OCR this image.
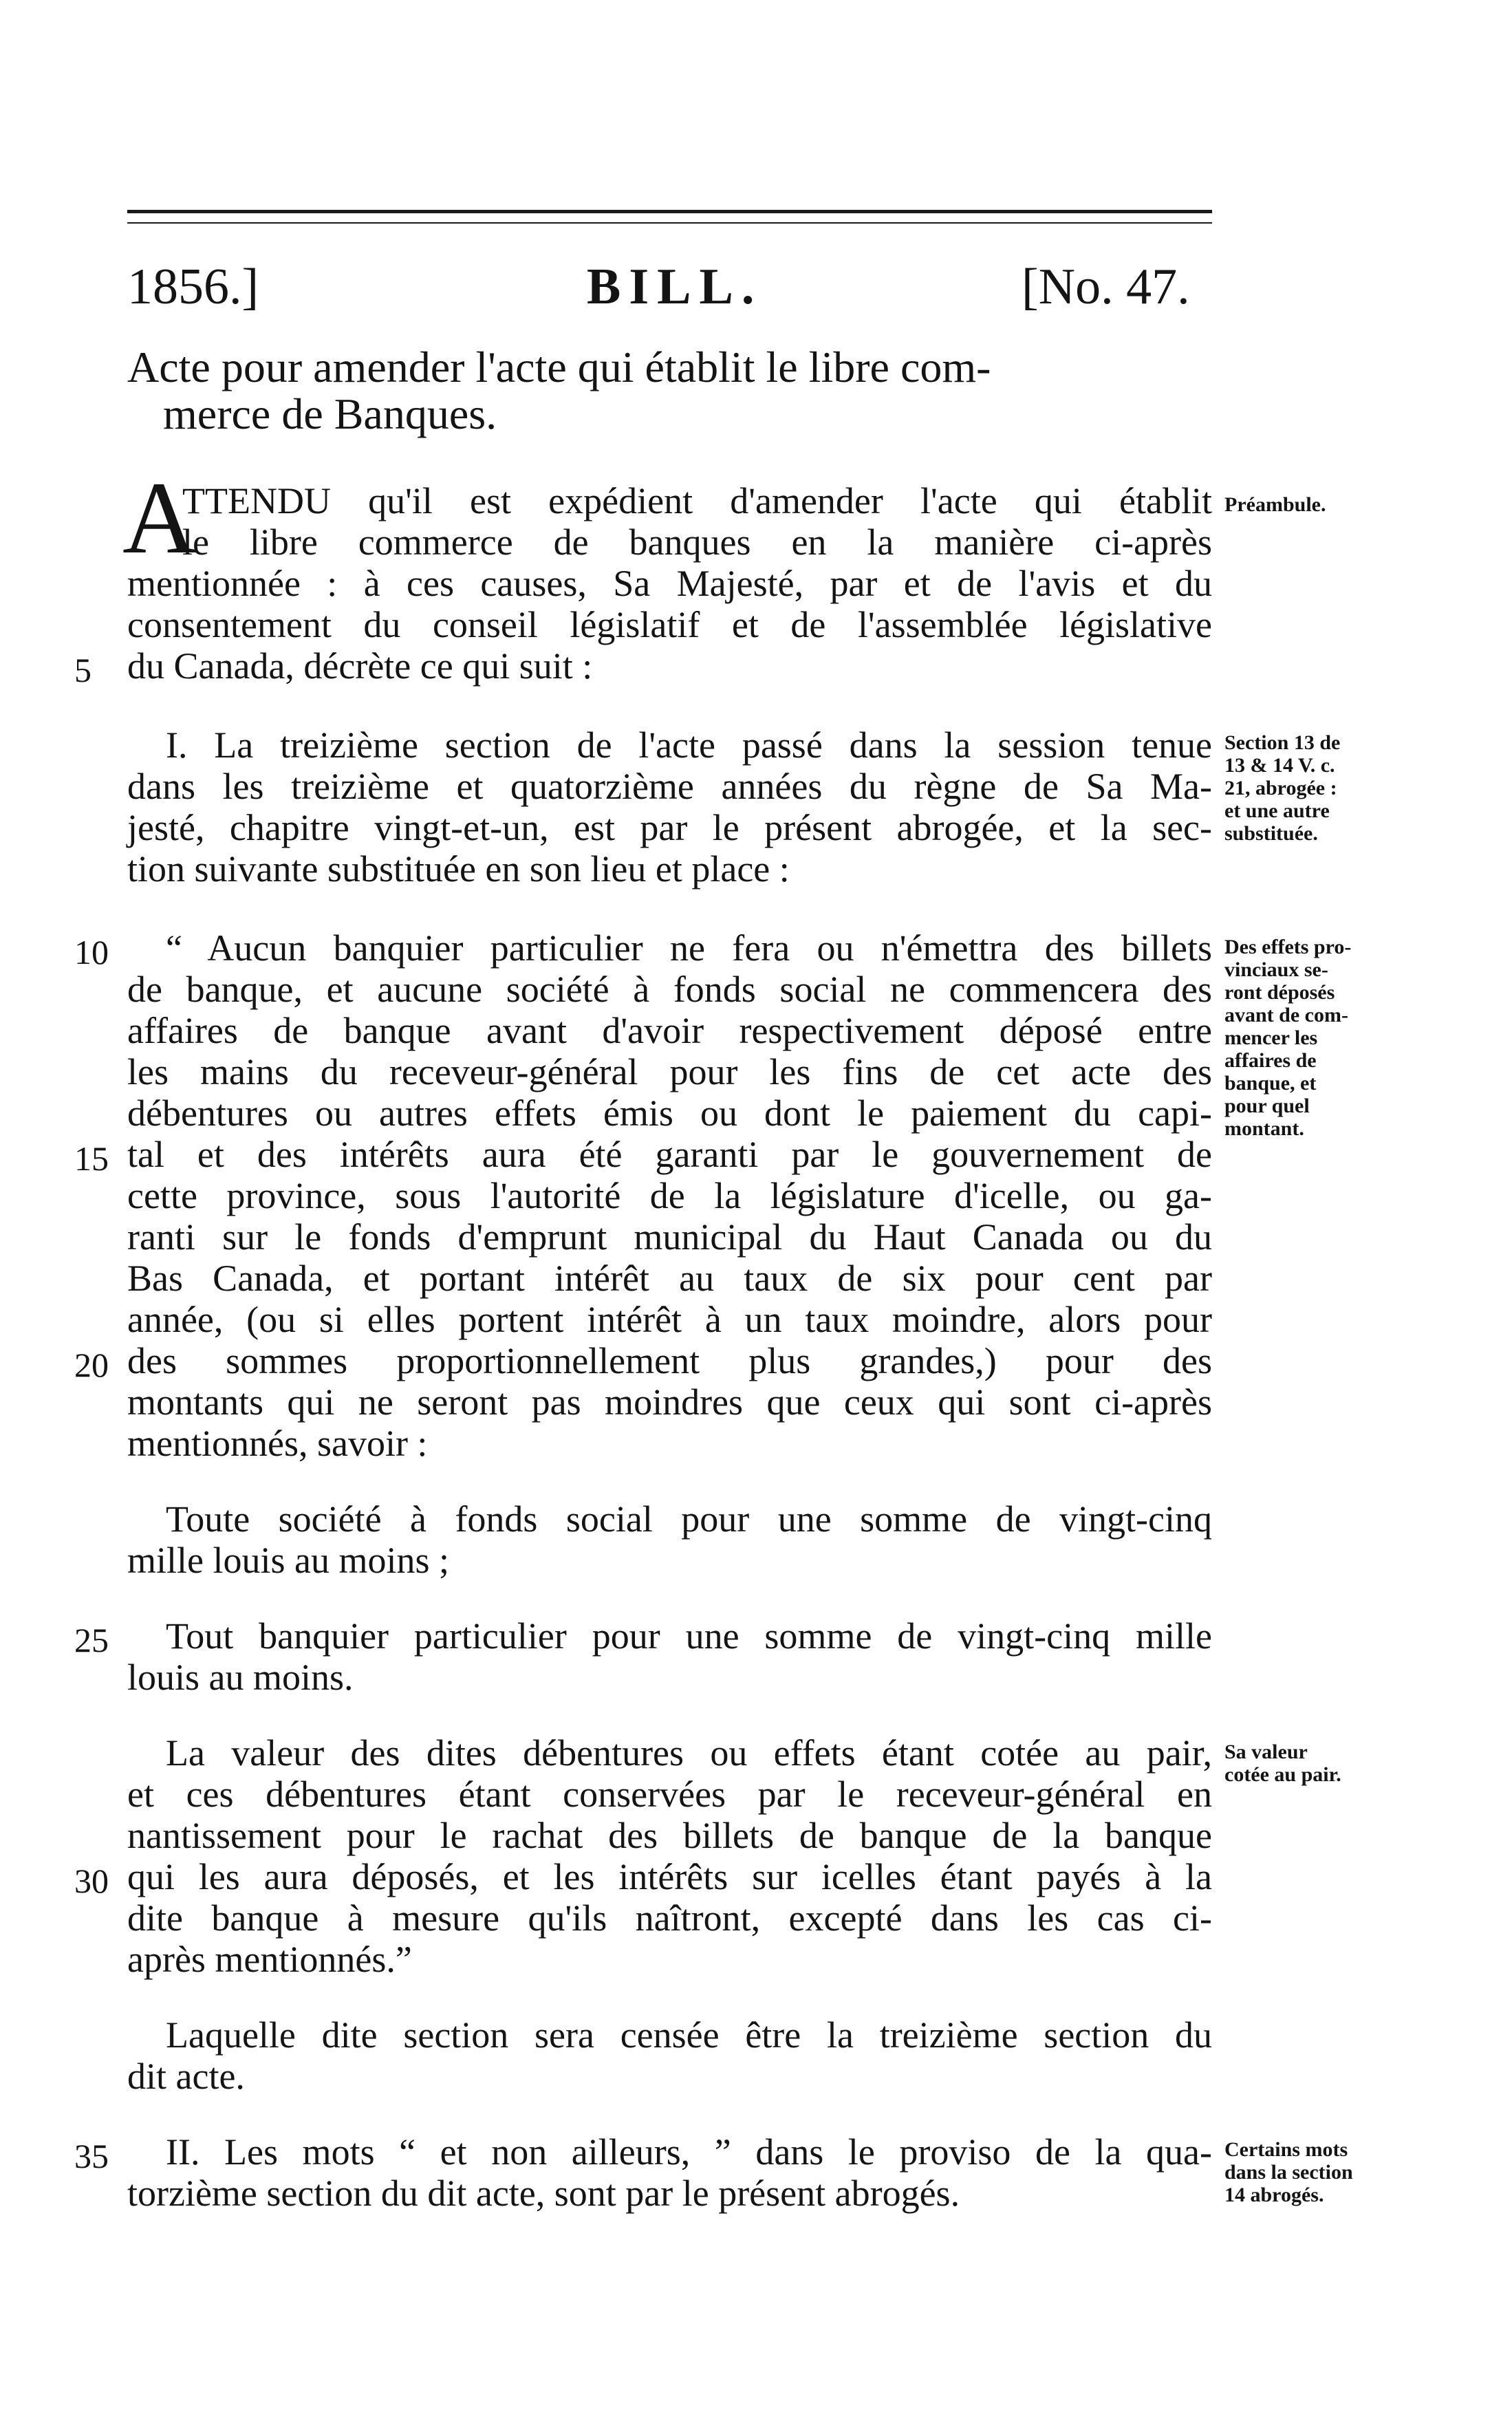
1856.]	BILL.	[No. 47.
Acte pour amender l'acte qui établit le libre com-
merce de Banques.
A
TTENDU qu'il est expédient d'amender l'acte qui établit
le libre commerce de banques en la manière ci-après
mentionnée : à ces causes, Sa Majesté, par et de l'avis et du
consentement du conseil législatif et de l'assemblée législative
du Canada, décrète ce qui suit :
I. La treizième section de l'acte passé dans la session tenue
dans les treizième et quatorzième années du règne de Sa Ma-
jesté, chapitre vingt-et-un, est par le présent abrogée, et la sec-
tion suivante substituée en son lieu et place :
“ Aucun banquier particulier ne fera ou n'émettra des billets
de banque, et aucune société à fonds social ne commencera des
affaires de banque avant d'avoir respectivement déposé entre
les mains du receveur-général pour les fins de cet acte des
débentures ou autres effets émis ou dont le paiement du capi-
tal et des intérêts aura été garanti par le gouvernement de
cette province, sous l'autorité de la législature d'icelle, ou ga-
ranti sur le fonds d'emprunt municipal du Haut Canada ou du
Bas Canada, et portant intérêt au taux de six pour cent par
année, (ou si elles portent intérêt à un taux moindre, alors pour
des sommes proportionnellement plus grandes,) pour des
montants qui ne seront pas moindres que ceux qui sont ci-après
mentionnés, savoir :
Toute société à fonds social pour une somme de vingt-cinq
mille louis au moins ;
Tout banquier particulier pour une somme de vingt-cinq mille
louis au moins.
La valeur des dites débentures ou effets étant cotée au pair,
et ces débentures étant conservées par le receveur-général en
nantissement pour le rachat des billets de banque de la banque
qui les aura déposés, et les intérêts sur icelles étant payés à la
dite banque à mesure qu'ils naîtront, excepté dans les cas ci-
après mentionnés.”
Laquelle dite section sera censée être la treizième section du
dit acte.
II. Les mots “ et non ailleurs, ” dans le proviso de la qua-
torzième section du dit acte, sont par le présent abrogés.
5
10
15
20
25
30
35
Préambule.
Section 13 de
13 & 14 V. c.
21, abrogée :
et une autre
substituée.
Des effets pro-
vinciaux se-
ront déposés
avant de com-
mencer les
affaires de
banque, et
pour quel
montant.
Sa valeur
cotée au pair.
Certains mots
dans la section
14 abrogés.
